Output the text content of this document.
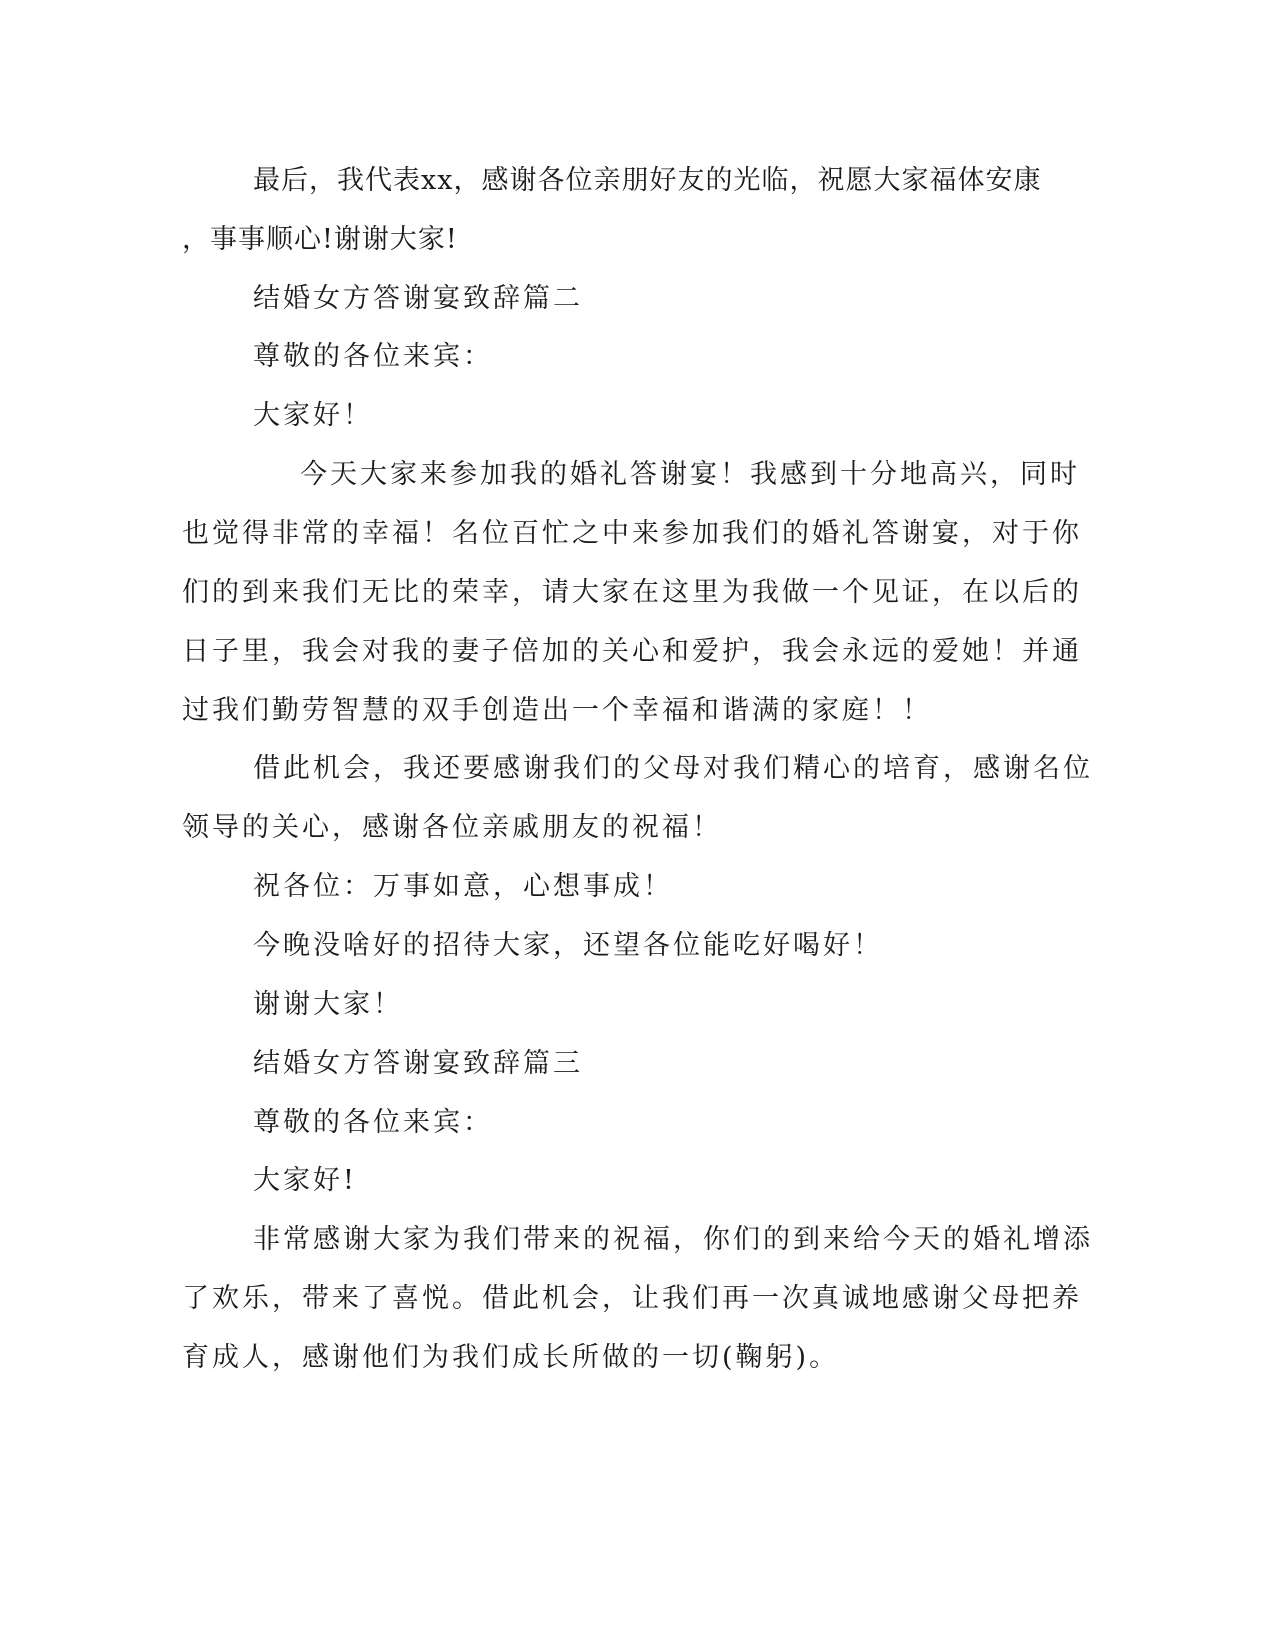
最后，我代表xx，感谢各位亲朋好友的光临，祝愿大家福体安康
，事事顺心!谢谢大家!
结婚女方答谢宴致辞篇二
尊敬的各位来宾：
大家好！
今天大家来参加我的婚礼答谢宴！我感到十分地高兴，同时
也觉得非常的幸福！名位百忙之中来参加我们的婚礼答谢宴，对于你
们的到来我们无比的荣幸，请大家在这里为我做一个见证，在以后的
日子里，我会对我的妻子倍加的关心和爱护，我会永远的爱她！并通
过我们勤劳智慧的双手创造出一个幸福和谐满的家庭！！
借此机会，我还要感谢我们的父母对我们精心的培育，感谢名位
领导的关心，感谢各位亲戚朋友的祝福！
祝各位：万事如意，心想事成！
今晚没啥好的招待大家，还望各位能吃好喝好！
谢谢大家！
结婚女方答谢宴致辞篇三
尊敬的各位来宾：
大家好!
非常感谢大家为我们带来的祝福，你们的到来给今天的婚礼增添
了欢乐，带来了喜悦。借此机会，让我们再一次真诚地感谢父母把养
育成人，感谢他们为我们成长所做的一切(鞠躬)。
